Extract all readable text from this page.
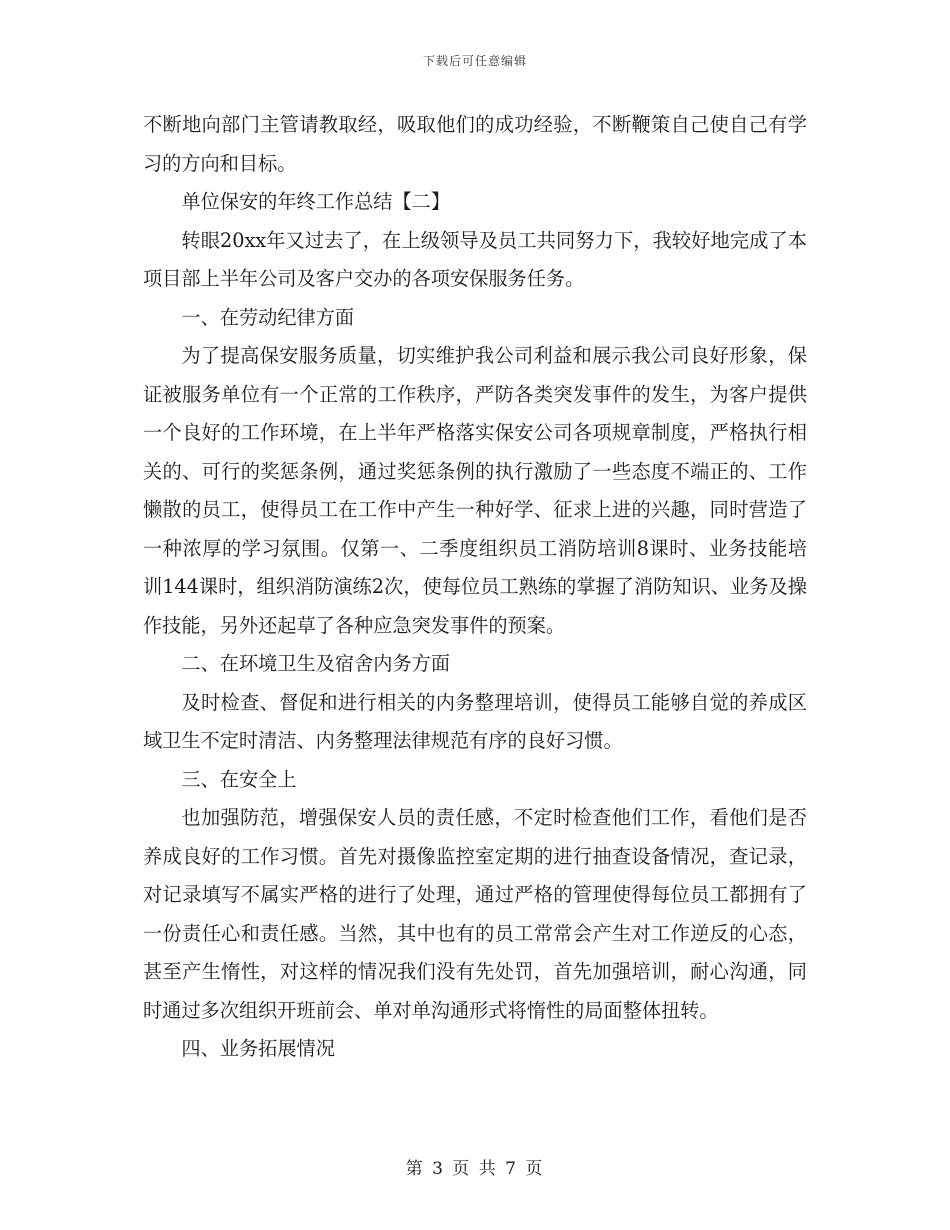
下载后可任意编辑

不断地向部门主管请教取经，吸取他们的成功经验，不断鞭策自己使自己有学习的方向和目标。

单位保安的年终工作总结【二】

转眼20xx年又过去了，在上级领导及员工共同努力下，我较好地完成了本项目部上半年公司及客户交办的各项安保服务任务。

一、在劳动纪律方面

为了提高保安服务质量，切实维护我公司利益和展示我公司良好形象，保证被服务单位有一个正常的工作秩序，严防各类突发事件的发生，为客户提供一个良好的工作环境，在上半年严格落实保安公司各项规章制度，严格执行相关的、可行的奖惩条例，通过奖惩条例的执行激励了一些态度不端正的、工作懒散的员工，使得员工在工作中产生一种好学、征求上进的兴趣，同时营造了一种浓厚的学习氛围。仅第一、二季度组织员工消防培训8课时、业务技能培训144课时，组织消防演练2次，使每位员工熟练的掌握了消防知识、业务及操作技能，另外还起草了各种应急突发事件的预案。

二、在环境卫生及宿舍内务方面

及时检查、督促和进行相关的内务整理培训，使得员工能够自觉的养成区域卫生不定时清洁、内务整理法律规范有序的良好习惯。

三、在安全上

也加强防范，增强保安人员的责任感，不定时检查他们工作，看他们是否养成良好的工作习惯。首先对摄像监控室定期的进行抽查设备情况，查记录，对记录填写不属实严格的进行了处理，通过严格的管理使得每位员工都拥有了一份责任心和责任感。当然，其中也有的员工常常会产生对工作逆反的心态，甚至产生惰性，对这样的情况我们没有先处罚，首先加强培训，耐心沟通，同时通过多次组织开班前会、单对单沟通形式将惰性的局面整体扭转。

四、业务拓展情况

第 3 页 共 7 页
